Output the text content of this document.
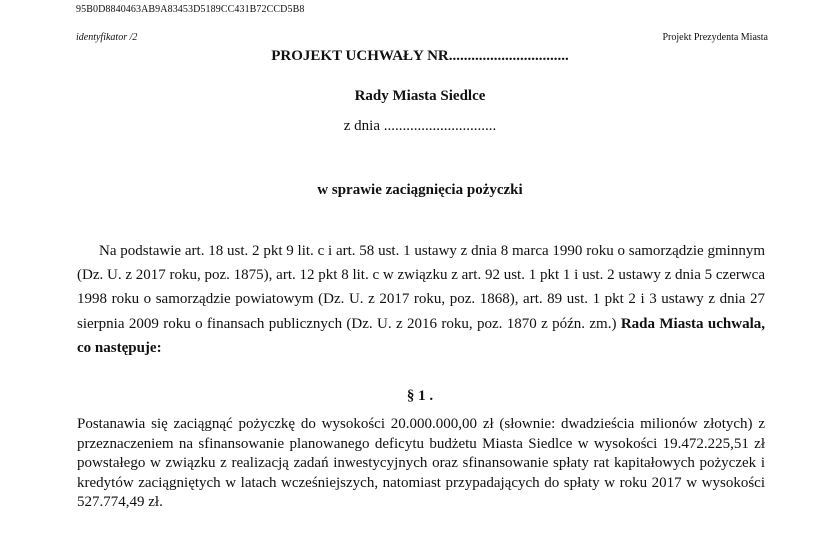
95B0D8840463AB9A83453D5189CC431B72CCD5B8
identyfikator /2	Projekt Prezydenta Miasta
PROJEKT UCHWAŁY NR................................
Rady Miasta Siedlce
z dnia ..............................
w sprawie zaciągnięcia pożyczki

Na podstawie art. 18 ust. 2 pkt 9 lit. c i art. 58 ust. 1 ustawy z dnia 8 marca 1990 roku o samorządzie gminnym (Dz. U. z 2017 roku, poz. 1875), art. 12 pkt 8 lit. c w związku z art. 92 ust. 1 pkt 1 i ust. 2 ustawy z dnia 5 czerwca 1998 roku o samorządzie powiatowym (Dz. U. z 2017 roku, poz. 1868), art. 89 ust. 1 pkt 2 i 3 ustawy z dnia 27 sierpnia 2009 roku o finansach publicznych (Dz. U. z 2016 roku, poz. 1870 z późn. zm.) Rada Miasta uchwala, co następuje:

§ 1 .

Postanawia się zaciągnąć pożyczkę do wysokości 20.000.000,00 zł (słownie: dwadzieścia milionów złotych) z przeznaczeniem na sfinansowanie planowanego deficytu budżetu Miasta Siedlce w wysokości 19.472.225,51 zł powstałego w związku z realizacją zadań inwestycyjnych oraz sfinansowanie spłaty rat kapitałowych pożyczek i kredytów zaciągniętych w latach wcześniejszych, natomiast przypadających do spłaty w roku 2017 w wysokości 527.774,49 zł.
